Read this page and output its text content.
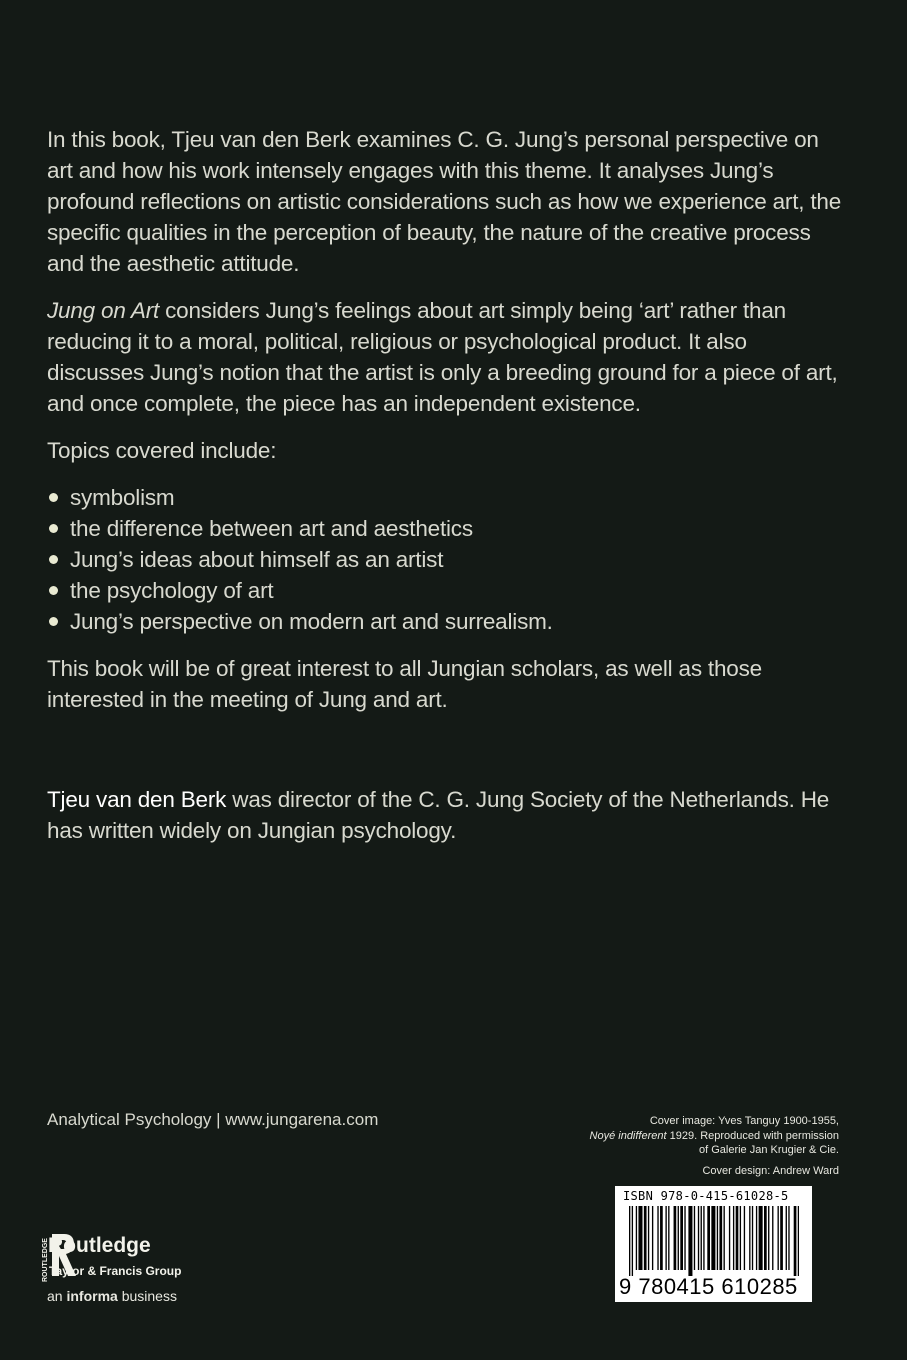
In this book, Tjeu van den Berk examines C. G. Jung’s personal perspective on art and how his work intensely engages with this theme. It analyses Jung’s profound reflections on artistic considerations such as how we experience art, the specific qualities in the perception of beauty, the nature of the creative process and the aesthetic attitude.

Jung on Art considers Jung’s feelings about art simply being ‘art’ rather than reducing it to a moral, political, religious or psychological product. It also discusses Jung’s notion that the artist is only a breeding ground for a piece of art, and once complete, the piece has an independent existence.

Topics covered include:

symbolism
the difference between art and aesthetics
Jung’s ideas about himself as an artist
the psychology of art
Jung’s perspective on modern art and surrealism.

This book will be of great interest to all Jungian scholars, as well as those interested in the meeting of Jung and art.

Tjeu van den Berk was director of the C. G. Jung Society of the Netherlands. He has written widely on Jungian psychology.
Analytical Psychology | www.jungarena.com	Cover image: Yves Tanguy 1900-1955,
Noyé indifferent 1929. Reproduced with permission of Galerie Jan Krugier & Cie.
Cover design: Andrew Ward
ISBN 978-0-415-61028-5
9 780415 610285
ROUTLEDGE Routledge
Taylor & Francis Group
an informa business
